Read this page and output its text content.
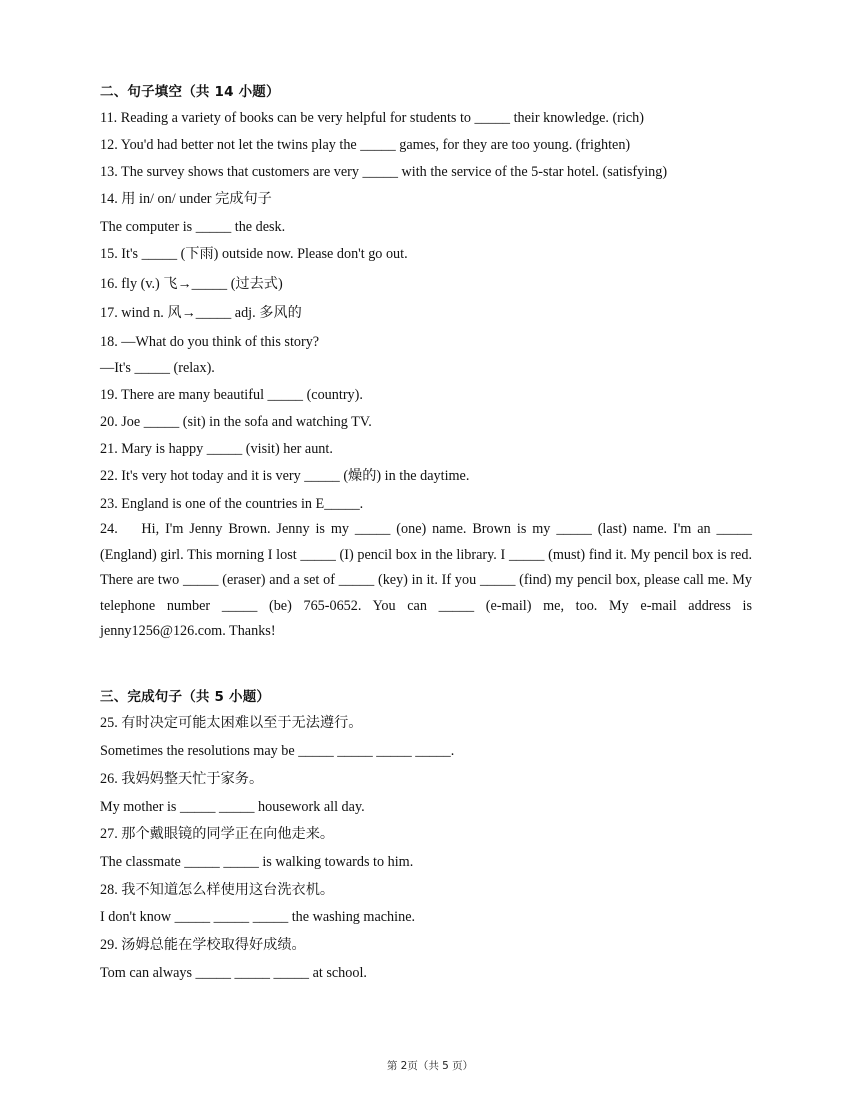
二、句子填空（共 14 小题）
11. Reading a variety of books can be very helpful for students to _____ their knowledge. (rich)
12. You'd had better not let the twins play the _____ games, for they are too young. (frighten)
13. The survey shows that customers are very _____ with the service of the 5-star hotel. (satisfying)
14. 用 in/ on/ under 完成句子
The computer is _____ the desk.
15. It's _____ (下雨) outside now. Please don't go out.
16. fly (v.) 飞→_____ (过去式)
17. wind n. 风→_____ adj. 多风的
18. —What do you think of this story?
—It's _____ (relax).
19. There are many beautiful _____ (country).
20. Joe _____ (sit) in the sofa and watching TV.
21. Mary is happy _____ (visit) her aunt.
22. It's very hot today and it is very _____ (燥的) in the daytime.
23. England is one of the countries in E_____.
24.    Hi, I'm Jenny Brown. Jenny is my _____ (one) name. Brown is my _____ (last) name. I'm an _____ (England) girl. This morning I lost _____ (I) pencil box in the library. I _____ (must) find it. My pencil box is red. There are two _____ (eraser) and a set of _____ (key) in it. If you _____ (find) my pencil box, please call me. My telephone number _____ (be) 765-0652. You can _____ (e-mail) me, too. My e-mail address is jenny1256@126.com. Thanks!
三、完成句子（共 5 小题）
25. 有时决定可能太困难以至于无法遵行。
Sometimes the resolutions may be _____ _____ _____ _____.
26. 我妈妈整天忙于家务。
My mother is _____ _____ housework all day.
27. 那个戴眼镜的同学正在向他走来。
The classmate _____ _____ is walking towards to him.
28. 我不知道怎么样使用这台洗衣机。
I don't know _____ _____ _____ the washing machine.
29. 汤姆总能在学校取得好成绩。
Tom can always _____ _____ _____ at school.
第 2页（共 5 页）
